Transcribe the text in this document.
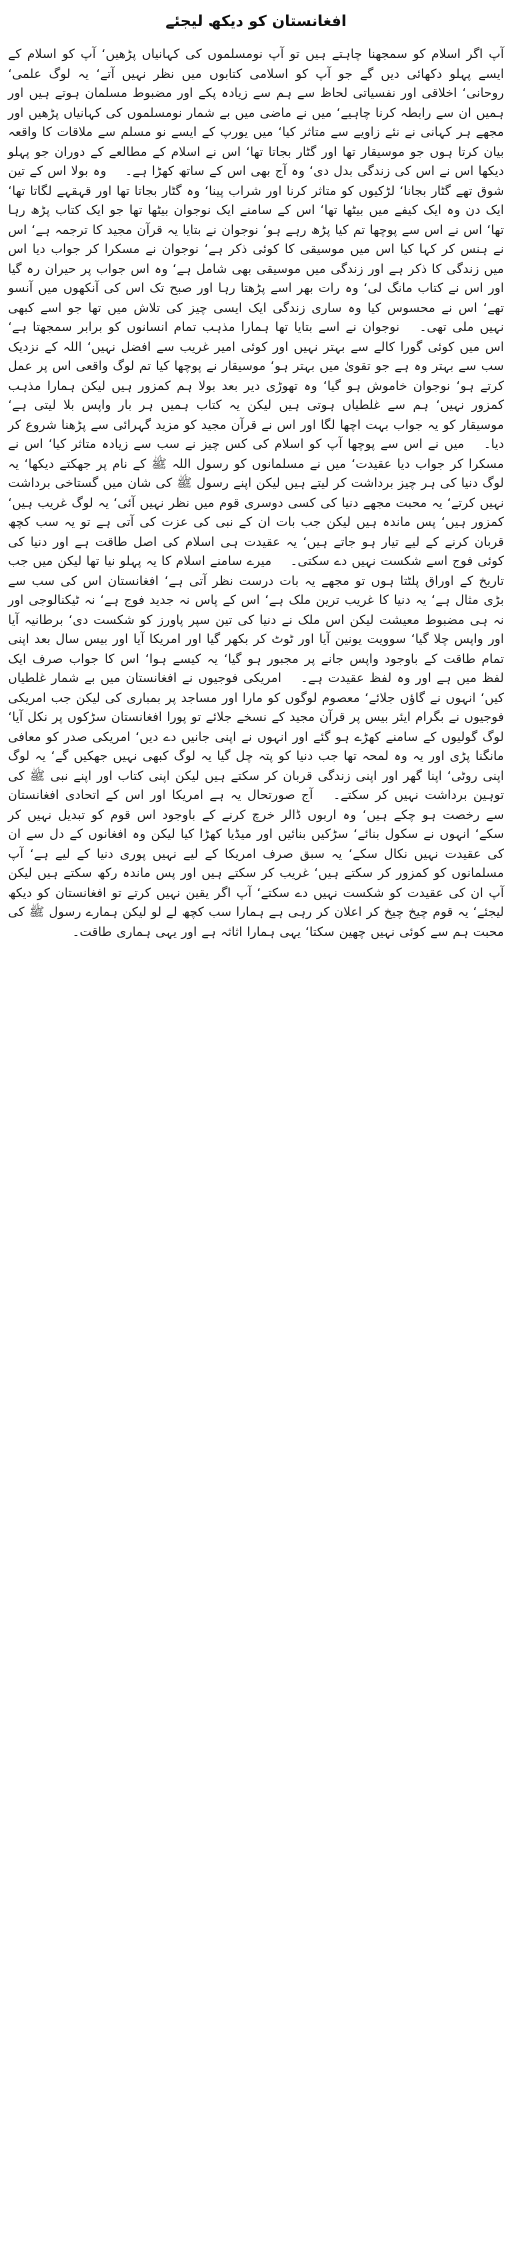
افغانستان کو دیکھ لیجئے
آپ اگر اسلام کو سمجھنا چاہتے ہیں تو آپ نومسلموں کی کہانیاں پڑھیں‘ آپ کو اسلام کے ایسے پہلو دکھائی دیں گے جو آپ کو اسلامی کتابوں میں نظر نہیں آتے‘ یہ لوگ علمی‘ روحانی‘ اخلاقی اور نفسیاتی لحاظ سے ہم سے زیادہ پکے اور مضبوط مسلمان ہوتے ہیں اور ہمیں ان سے رابطہ کرنا چاہیے‘ میں نے ماضی میں بے شمار نومسلموں کی کہانیاں پڑھیں اور مجھے ہر کہانی نے نئے زاویے سے متاثر کیا‘ میں یورپ کے ایسے نو مسلم سے ملاقات کا واقعہ بیان کرتا ہوں جو موسیقار تھا اور گٹار بجاتا تھا‘ اس نے اسلام کے مطالعے کے دوران جو پہلو دیکھا اس نے اس کی زندگی بدل دی‘ وہ آج بھی اس کے ساتھ کھڑا ہے۔ وہ بولا اس کے تین شوق تھے گٹار بجانا‘ لڑکیوں کو متاثر کرنا اور شراب پینا‘ وہ گٹار بجاتا تھا اور قہقہے لگاتا تھا‘ ایک دن وہ ایک کیفے میں بیٹھا تھا‘ اس کے سامنے ایک نوجوان بیٹھا تھا جو ایک کتاب پڑھ رہا تھا‘ اس نے اس سے پوچھا تم کیا پڑھ رہے ہو‘ نوجوان نے بتایا یہ قرآن مجید کا ترجمہ ہے‘ اس نے ہنس کر کہا کیا اس میں موسیقی کا کوئی ذکر ہے‘ نوجوان نے مسکرا کر جواب دیا اس میں زندگی کا ذکر ہے اور زندگی میں موسیقی بھی شامل ہے‘ وہ اس جواب پر حیران رہ گیا اور اس نے کتاب مانگ لی‘ وہ رات بھر اسے پڑھتا رہا اور صبح تک اس کی آنکھوں میں آنسو تھے‘ اس نے محسوس کیا وہ ساری زندگی ایک ایسی چیز کی تلاش میں تھا جو اسے کبھی نہیں ملی تھی۔ نوجوان نے اسے بتایا تھا ہمارا مذہب تمام انسانوں کو برابر سمجھتا ہے‘ اس میں کوئی گورا کالے سے بہتر نہیں اور کوئی امیر غریب سے افضل نہیں‘ اللہ کے نزدیک سب سے بہتر وہ ہے جو تقویٰ میں بہتر ہو‘ موسیقار نے پوچھا کیا تم لوگ واقعی اس پر عمل کرتے ہو‘ نوجوان خاموش ہو گیا‘ وہ تھوڑی دیر بعد بولا ہم کمزور ہیں لیکن ہمارا مذہب کمزور نہیں‘ ہم سے غلطیاں ہوتی ہیں لیکن یہ کتاب ہمیں ہر بار واپس بلا لیتی ہے‘ موسیقار کو یہ جواب بہت اچھا لگا اور اس نے قرآن مجید کو مزید گہرائی سے پڑھنا شروع کر دیا۔ میں نے اس سے پوچھا آپ کو اسلام کی کس چیز نے سب سے زیادہ متاثر کیا‘ اس نے مسکرا کر جواب دیا عقیدت‘ میں نے مسلمانوں کو رسول اللہ ﷺ کے نام پر جھکتے دیکھا‘ یہ لوگ دنیا کی ہر چیز برداشت کر لیتے ہیں لیکن اپنے رسول ﷺ کی شان میں گستاخی برداشت نہیں کرتے‘ یہ محبت مجھے دنیا کی کسی دوسری قوم میں نظر نہیں آئی‘ یہ لوگ غریب ہیں‘ کمزور ہیں‘ پس ماندہ ہیں لیکن جب بات ان کے نبی کی عزت کی آتی ہے تو یہ سب کچھ قربان کرنے کے لیے تیار ہو جاتے ہیں‘ یہ عقیدت ہی اسلام کی اصل طاقت ہے اور دنیا کی کوئی فوج اسے شکست نہیں دے سکتی۔ میرے سامنے اسلام کا یہ پہلو نیا تھا لیکن میں جب تاریخ کے اوراق پلٹتا ہوں تو مجھے یہ بات درست نظر آتی ہے‘ افغانستان اس کی سب سے بڑی مثال ہے‘ یہ دنیا کا غریب ترین ملک ہے‘ اس کے پاس نہ جدید فوج ہے‘ نہ ٹیکنالوجی اور نہ ہی مضبوط معیشت لیکن اس ملک نے دنیا کی تین سپر پاورز کو شکست دی‘ برطانیہ آیا اور واپس چلا گیا‘ سوویت یونین آیا اور ٹوٹ کر بکھر گیا اور امریکا آیا اور بیس سال بعد اپنی تمام طاقت کے باوجود واپس جانے پر مجبور ہو گیا‘ یہ کیسے ہوا‘ اس کا جواب صرف ایک لفظ میں ہے اور وہ لفظ عقیدت ہے۔ امریکی فوجیوں نے افغانستان میں بے شمار غلطیاں کیں‘ انہوں نے گاؤں جلائے‘ معصوم لوگوں کو مارا اور مساجد پر بمباری کی لیکن جب امریکی فوجیوں نے بگرام ایئر بیس پر قرآن مجید کے نسخے جلائے تو پورا افغانستان سڑکوں پر نکل آیا‘ لوگ گولیوں کے سامنے کھڑے ہو گئے اور انہوں نے اپنی جانیں دے دیں‘ امریکی صدر کو معافی مانگنا پڑی اور یہ وہ لمحہ تھا جب دنیا کو پتہ چل گیا یہ لوگ کبھی نہیں جھکیں گے‘ یہ لوگ اپنی روٹی‘ اپنا گھر اور اپنی زندگی قربان کر سکتے ہیں لیکن اپنی کتاب اور اپنے نبی ﷺ کی توہین برداشت نہیں کر سکتے۔ آج صورتحال یہ ہے امریکا اور اس کے اتحادی افغانستان سے رخصت ہو چکے ہیں‘ وہ اربوں ڈالر خرچ کرنے کے باوجود اس قوم کو تبدیل نہیں کر سکے‘ انہوں نے سکول بنائے‘ سڑکیں بنائیں اور میڈیا کھڑا کیا لیکن وہ افغانوں کے دل سے ان کی عقیدت نہیں نکال سکے‘ یہ سبق صرف امریکا کے لیے نہیں پوری دنیا کے لیے ہے‘ آپ مسلمانوں کو کمزور کر سکتے ہیں‘ غریب کر سکتے ہیں اور پس ماندہ رکھ سکتے ہیں لیکن آپ ان کی عقیدت کو شکست نہیں دے سکتے‘ آپ اگر یقین نہیں کرتے تو افغانستان کو دیکھ لیجئے‘ یہ قوم چیخ چیخ کر اعلان کر رہی ہے ہمارا سب کچھ لے لو لیکن ہمارے رسول ﷺ کی محبت ہم سے کوئی نہیں چھین سکتا‘ یہی ہمارا اثاثہ ہے اور یہی ہماری طاقت۔
